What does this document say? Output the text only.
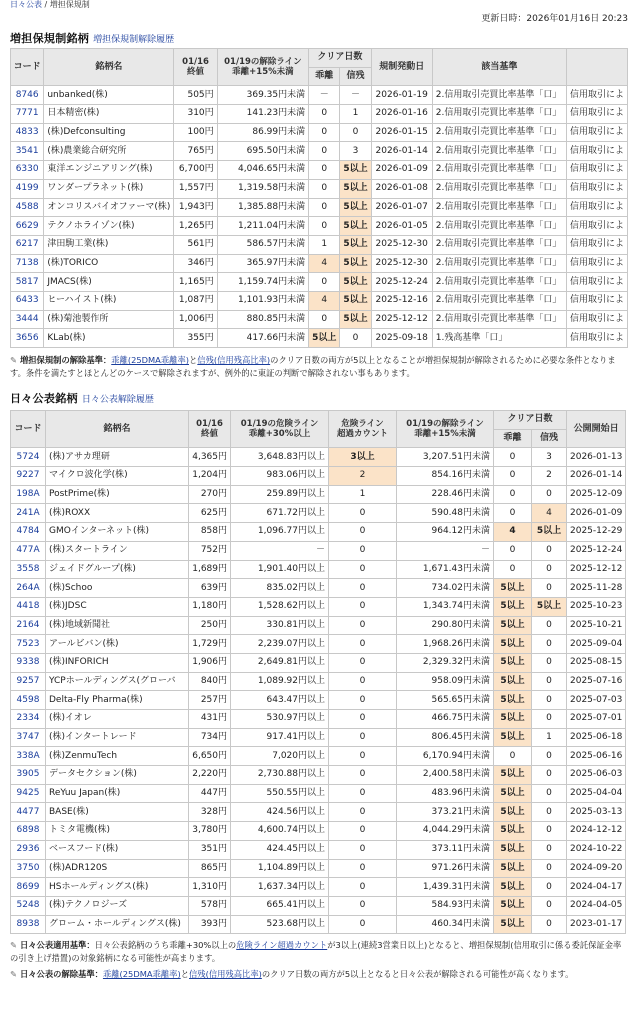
日々公表 / 増担保規制
更新日時：2026年01月16日 20:23
増担保規制銘柄 増担保規制解除履歴
コード	銘柄名	01/16
終値	01/19の解除ライン
乖離+15%未満	クリア日数		規制発動日	該当基準	
				乖離	信残			
8746	unbanked(株)	505円	369.35円未満	－	－	2026-01-19	2.信用取引売買比率基準「口」	信用取引によ
7771	日本精密(株)	310円	141.23円未満	0	1	2026-01-16	2.信用取引売買比率基準「口」	信用取引によ
4833	(株)Defconsulting	100円	86.99円未満	0	0	2026-01-15	2.信用取引売買比率基準「口」	信用取引によ
3541	(株)農業総合研究所	765円	695.50円未満	0	3	2026-01-14	2.信用取引売買比率基準「口」	信用取引によ
6330	東洋エンジニアリング(株)	6,700円	4,046.65円未満	0	5以上	2026-01-09	2.信用取引売買比率基準「口」	信用取引によ
4199	ワンダープラネット(株)	1,557円	1,319.58円未満	0	5以上	2026-01-08	2.信用取引売買比率基準「口」	信用取引によ
4588	オンコリスバイオファーマ(株)	1,943円	1,385.88円未満	0	5以上	2026-01-07	2.信用取引売買比率基準「口」	信用取引によ
6629	テクノホライゾン(株)	1,265円	1,211.04円未満	0	5以上	2026-01-05	2.信用取引売買比率基準「口」	信用取引によ
6217	津田駒工業(株)	561円	586.57円未満	1	5以上	2025-12-30	2.信用取引売買比率基準「口」	信用取引によ
7138	(株)TORICO	346円	365.97円未満	4	5以上	2025-12-30	2.信用取引売買比率基準「口」	信用取引によ
5817	JMACS(株)	1,165円	1,159.74円未満	0	5以上	2025-12-24	2.信用取引売買比率基準「口」	信用取引によ
6433	ヒーハイスト(株)	1,087円	1,101.93円未満	4	5以上	2025-12-16	2.信用取引売買比率基準「口」	信用取引によ
3444	(株)菊池製作所	1,006円	880.85円未満	0	5以上	2025-12-12	2.信用取引売買比率基準「口」	信用取引によ
3656	KLab(株)	355円	417.66円未満	5以上	0	2025-09-18	1.残高基準「口」	信用取引によ
✎ 増担保規制の解除基準：乖離(25DMA乖離率)と信残(信用残高比率)のクリア日数の両方が5以上となることが増担保規制が解除されるために必要な条件となります。条件を満たすとほとんどのケースで解除されますが、例外的に東証の判断で解除されない事もあります。
日々公表銘柄 日々公表解除履歴
コード	銘柄名	01/16
終値	01/19の危険ライン
乖離+30%以上	危険ライン
超過カウント	01/19の解除ライン
乖離+15%未満	クリア日数		公開開始日
						乖離	信残	
5724	(株)アサカ理研	4,365円	3,648.83円以上	3以上	3,207.51円未満	0	3	2026-01-13
9227	マイクロ波化学(株)	1,204円	983.06円以上	2	854.16円未満	0	2	2026-01-14
198A	PostPrime(株)	270円	259.89円以上	1	228.46円未満	0	0	2025-12-09
241A	(株)ROXX	625円	671.72円以上	0	590.48円未満	0	4	2026-01-09
4784	GMOインターネット(株)	858円	1,096.77円以上	0	964.12円未満	4	5以上	2025-12-29
477A	(株)スタートライン	752円	－	0	－	0	0	2025-12-24
3558	ジェイドグループ(株)	1,689円	1,901.40円以上	0	1,671.43円未満	0	0	2025-12-12
264A	(株)Schoo	639円	835.02円以上	0	734.02円未満	5以上	0	2025-11-28
4418	(株)JDSC	1,180円	1,528.62円以上	0	1,343.74円未満	5以上	5以上	2025-10-23
2164	(株)地域新聞社	250円	330.81円以上	0	290.80円未満	5以上	0	2025-10-21
7523	アールビバン(株)	1,729円	2,239.07円以上	0	1,968.26円未満	5以上	0	2025-09-04
9338	(株)INFORICH	1,906円	2,649.81円以上	0	2,329.32円未満	5以上	0	2025-08-15
9257	YCPホールディングス(グローバ	840円	1,089.92円以上	0	958.09円未満	5以上	0	2025-07-16
4598	Delta-Fly Pharma(株)	257円	643.47円以上	0	565.65円未満	5以上	0	2025-07-03
2334	(株)イオレ	431円	530.97円以上	0	466.75円未満	5以上	0	2025-07-01
3747	(株)インタートレード	734円	917.41円以上	0	806.45円未満	5以上	1	2025-06-18
338A	(株)ZenmuTech	6,650円	7,020円以上	0	6,170.94円未満	0	0	2025-06-16
3905	データセクション(株)	2,220円	2,730.88円以上	0	2,400.58円未満	5以上	0	2025-06-03
9425	ReYuu Japan(株)	447円	550.55円以上	0	483.96円未満	5以上	0	2025-04-04
4477	BASE(株)	328円	424.56円以上	0	373.21円未満	5以上	0	2025-03-13
6898	トミタ電機(株)	3,780円	4,600.74円以上	0	4,044.29円未満	5以上	0	2024-12-12
2936	ベースフード(株)	351円	424.45円以上	0	373.11円未満	5以上	0	2024-10-22
3750	(株)ADR120S	865円	1,104.89円以上	0	971.26円未満	5以上	0	2024-09-20
8699	HSホールディングス(株)	1,310円	1,637.34円以上	0	1,439.31円未満	5以上	0	2024-04-17
5248	(株)テクノロジーズ	578円	665.41円以上	0	584.93円未満	5以上	0	2024-04-05
8938	グローム・ホールディングス(株)	393円	523.68円以上	0	460.34円未満	5以上	0	2023-01-17
✎ 日々公表適用基準：日々公表銘柄のうち乖離+30%以上の危険ライン超過カウントが3以上(連続3営業日以上)となると、増担保規制(信用取引に係る委託保証金率の引き上げ措置)の対象銘柄になる可能性が高まります。
✎ 日々公表の解除基準：乖離(25DMA乖離率)と信残(信用残高比率)のクリア日数の両方が5以上となると日々公表が解除される可能性が高くなります。
